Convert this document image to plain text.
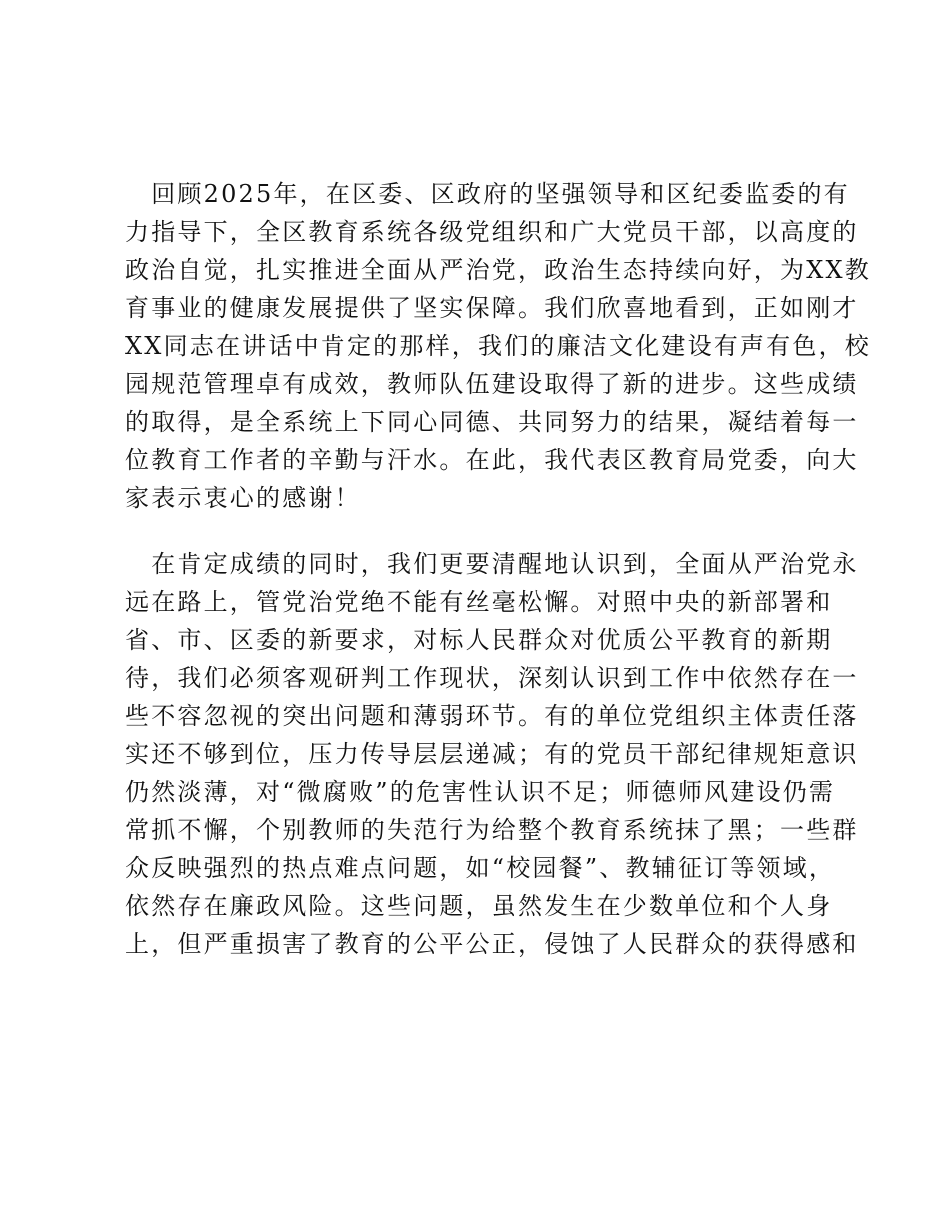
　回顾2025年，在区委、区政府的坚强领导和区纪委监委的有
力指导下，全区教育系统各级党组织和广大党员干部，以高度的
政治自觉，扎实推进全面从严治党，政治生态持续向好，为XX教
育事业的健康发展提供了坚实保障。我们欣喜地看到，正如刚才
XX同志在讲话中肯定的那样，我们的廉洁文化建设有声有色，校
园规范管理卓有成效，教师队伍建设取得了新的进步。这些成绩
的取得，是全系统上下同心同德、共同努力的结果，凝结着每一
位教育工作者的辛勤与汗水。在此，我代表区教育局党委，向大
家表示衷心的感谢！
　在肯定成绩的同时，我们更要清醒地认识到，全面从严治党永
远在路上，管党治党绝不能有丝毫松懈。对照中央的新部署和
省、市、区委的新要求，对标人民群众对优质公平教育的新期
待，我们必须客观研判工作现状，深刻认识到工作中依然存在一
些不容忽视的突出问题和薄弱环节。有的单位党组织主体责任落
实还不够到位，压力传导层层递减；有的党员干部纪律规矩意识
仍然淡薄，对“微腐败”的危害性认识不足；师德师风建设仍需
常抓不懈，个别教师的失范行为给整个教育系统抹了黑；一些群
众反映强烈的热点难点问题，如“校园餐”、教辅征订等领域，
依然存在廉政风险。这些问题，虽然发生在少数单位和个人身
上，但严重损害了教育的公平公正，侵蚀了人民群众的获得感和
